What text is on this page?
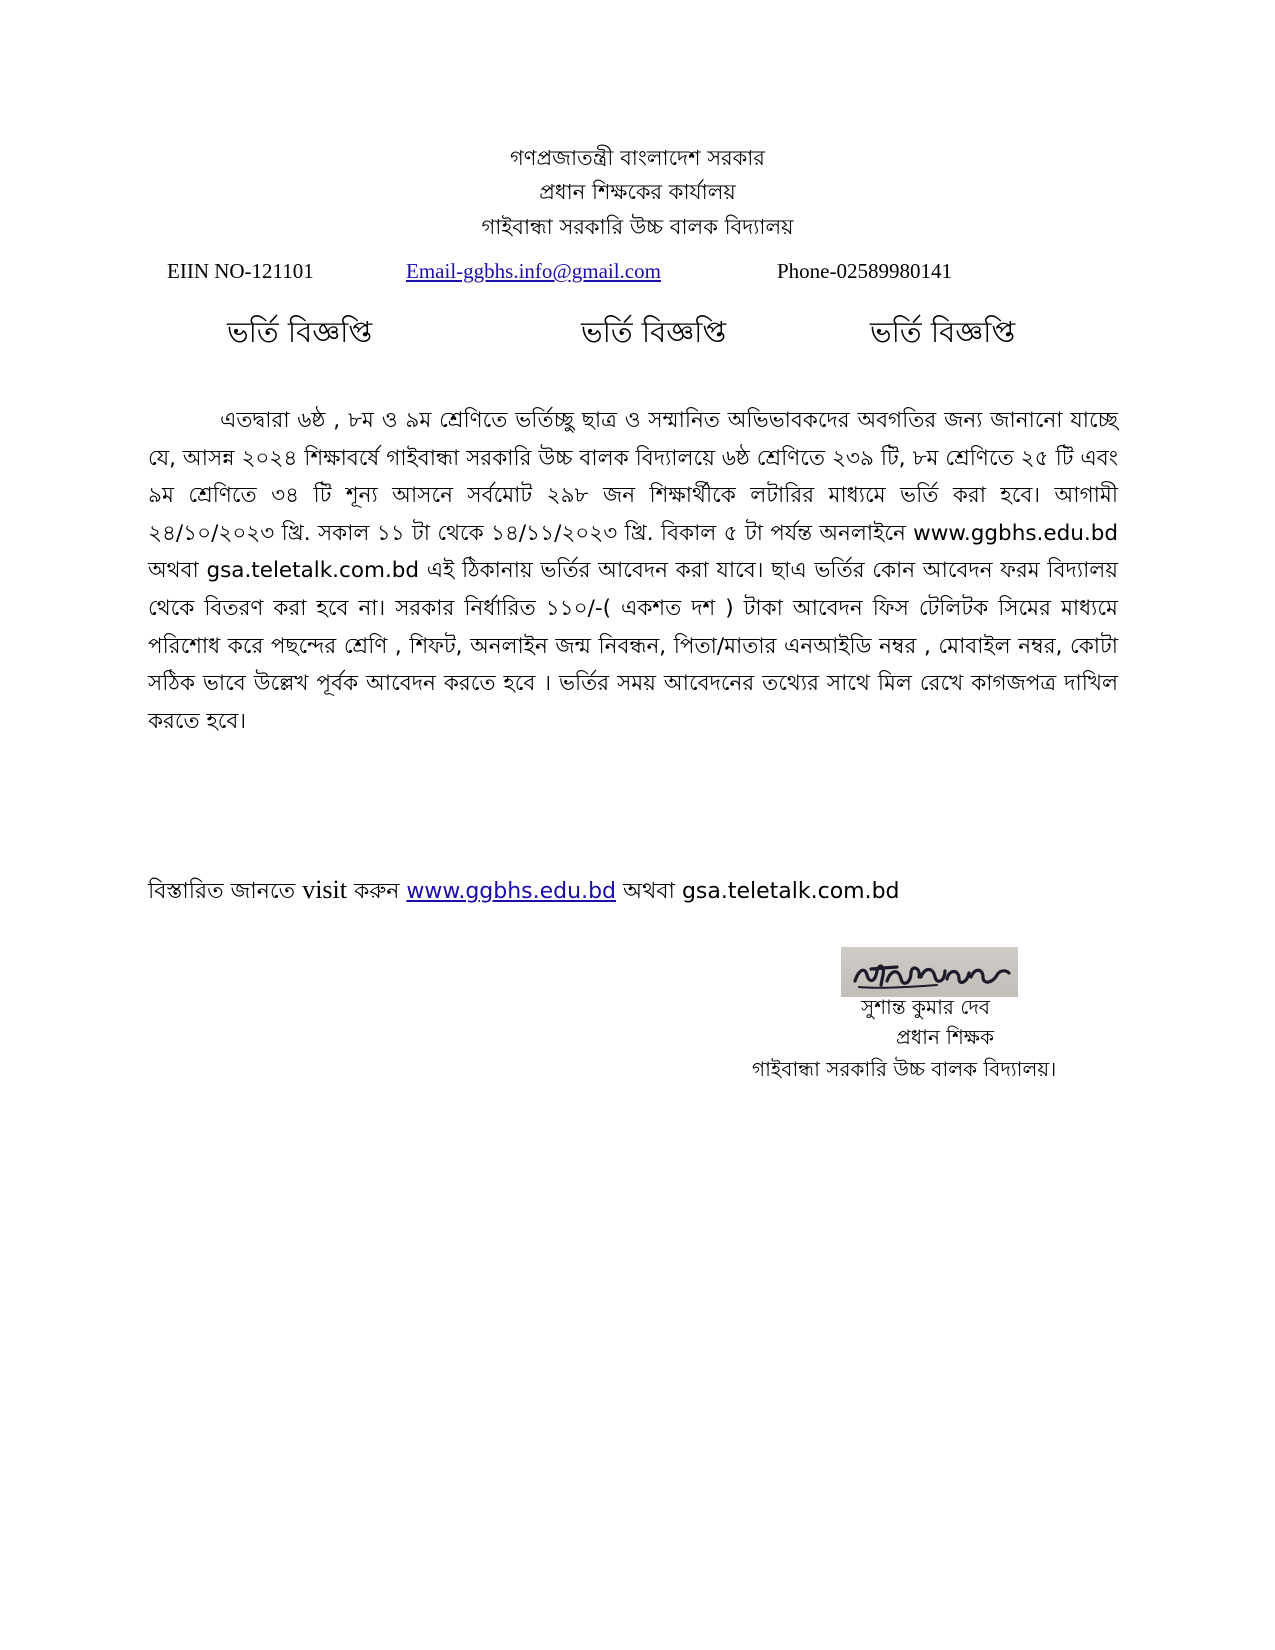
গণপ্রজাতন্ত্রী বাংলাদেশ সরকার
প্রধান শিক্ষকের কার্যালয়
গাইবান্ধা সরকারি উচ্চ বালক বিদ্যালয়
EIIN NO-121101	Email-ggbhs.info@gmail.com	Phone-02589980141
ভর্তি বিজ্ঞপ্তি	ভর্তি বিজ্ঞপ্তি	ভর্তি বিজ্ঞপ্তি
এতদ্বারা ৬ষ্ঠ , ৮ম ও ৯ম শ্রেণিতে ভর্তিচ্ছু ছাত্র ও সম্মানিত অভিভাবকদের অবগতির জন্য জানানো যাচ্ছে যে, আসন্ন ২০২৪ শিক্ষাবর্ষে গাইবান্ধা সরকারি উচ্চ বালক বিদ্যালয়ে ৬ষ্ঠ শ্রেণিতে ২৩৯ টি, ৮ম শ্রেণিতে ২৫ টি এবং ৯ম শ্রেণিতে ৩৪ টি শূন্য আসনে সর্বমোট ২৯৮ জন শিক্ষার্থীকে লটারির মাধ্যমে ভর্তি করা হবে। আগামী ২৪/১০/২০২৩ খ্রি. সকাল ১১ টা থেকে ১৪/১১/২০২৩ খ্রি. বিকাল ৫ টা পর্যন্ত অনলাইনে www.ggbhs.edu.bd অথবা gsa.teletalk.com.bd এই ঠিকানায় ভর্তির আবেদন করা যাবে। ছাএ ভর্তির কোন আবেদন ফরম বিদ্যালয় থেকে বিতরণ করা হবে না। সরকার নির্ধারিত ১১০/-( একশত দশ ) টাকা আবেদন ফিস টেলিটক সিমের মাধ্যমে পরিশোধ করে পছন্দের শ্রেণি , শিফট, অনলাইন জন্ম নিবন্ধন, পিতা/মাতার এনআইডি নম্বর , মোবাইল নম্বর, কোটা সঠিক ভাবে উল্লেখ পূর্বক আবেদন করতে হবে । ভর্তির সময় আবেদনের তথ্যের সাথে মিল রেখে কাগজপত্র দাখিল করতে হবে।
বিস্তারিত জানতে visit করুন www.ggbhs.edu.bd অথবা gsa.teletalk.com.bd
সুশান্ত কুমার দেব
প্রধান শিক্ষক
গাইবান্ধা সরকারি উচ্চ বালক বিদ্যালয়।
